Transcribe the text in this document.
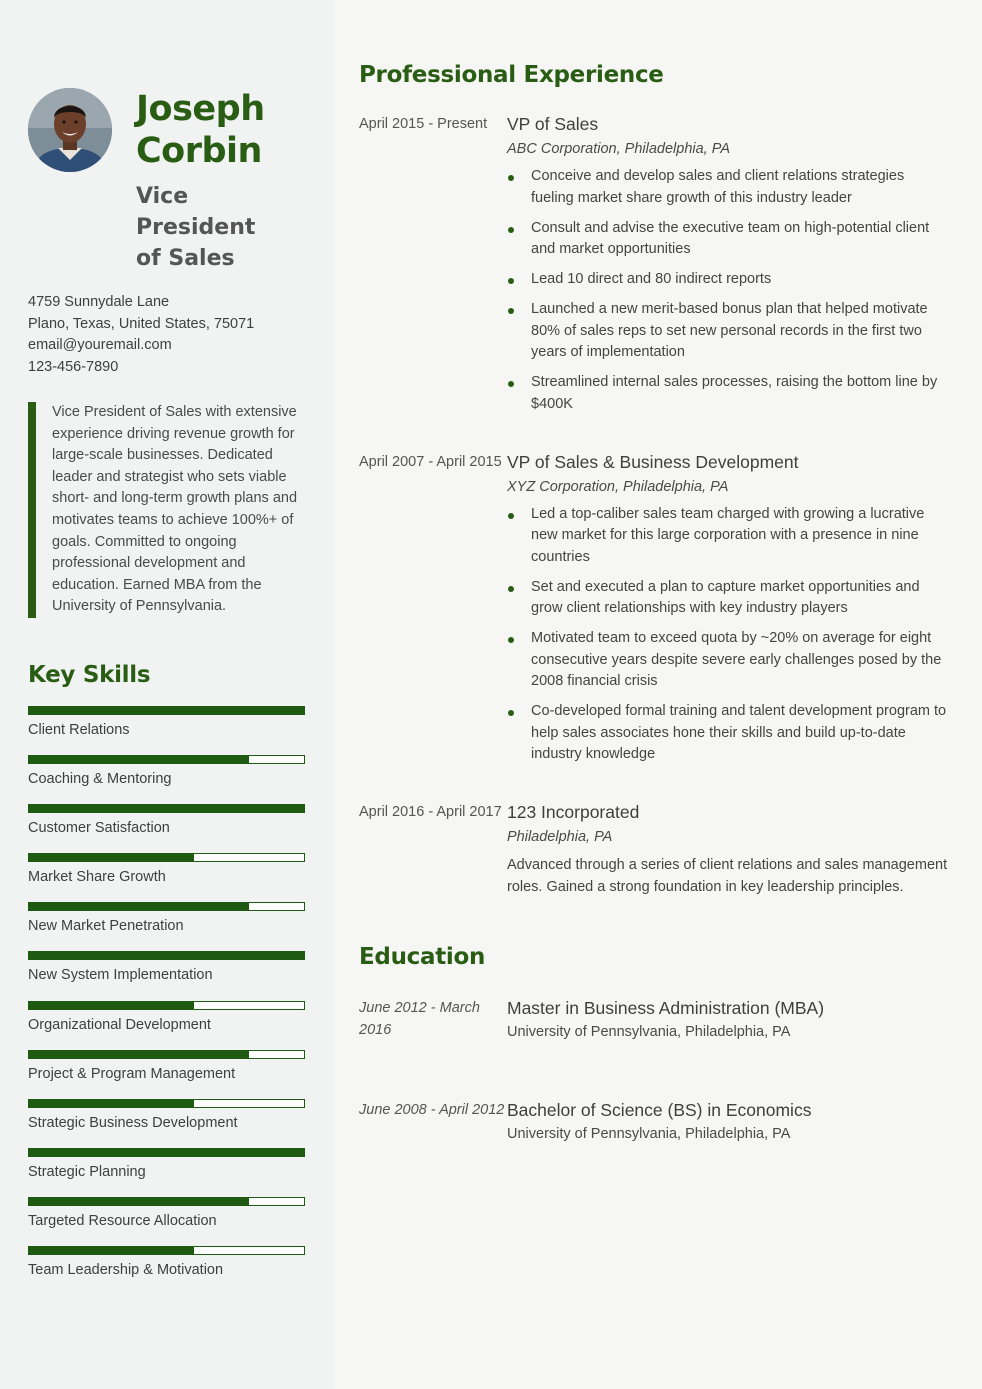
Joseph
Corbin
Vice President
of Sales
4759 Sunnydale Lane
Plano, Texas, United States, 75071
email@youremail.com
123-456-7890
Vice President of Sales with extensive experience driving revenue growth for large-scale businesses. Dedicated leader and strategist who sets viable short- and long-term growth plans and motivates teams to achieve 100%+ of goals. Committed to ongoing professional development and education. Earned MBA from the University of Pennsylvania.
Key Skills
Client Relations
Coaching & Mentoring
Customer Satisfaction
Market Share Growth
New Market Penetration
New System Implementation
Organizational Development
Project & Program Management
Strategic Business Development
Strategic Planning
Targeted Resource Allocation
Team Leadership & Motivation
Professional Experience
April 2015 - Present	VP of Sales
ABC Corporation, Philadelphia, PA
Conceive and develop sales and client relations strategies fueling market share growth of this industry leader
Consult and advise the executive team on high-potential client and market opportunities
Lead 10 direct and 80 indirect reports
Launched a new merit-based bonus plan that helped motivate 80% of sales reps to set new personal records in the first two years of implementation
Streamlined internal sales processes, raising the bottom line by $400K
April 2007 - April 2015 VP of Sales & Business Development
XYZ Corporation, Philadelphia, PA
Led a top-caliber sales team charged with growing a lucrative new market for this large corporation with a presence in nine countries
Set and executed a plan to capture market opportunities and grow client relationships with key industry players
Motivated team to exceed quota by ~20% on average for eight consecutive years despite severe early challenges posed by the 2008 financial crisis
Co-developed formal training and talent development program to help sales associates hone their skills and build up-to-date industry knowledge
April 2016 - April 2017 123 Incorporated
Philadelphia, PA
Advanced through a series of client relations and sales management roles. Gained a strong foundation in key leadership principles.
Education
June 2012 - March 2016
Master in Business Administration (MBA)
University of Pennsylvania, Philadelphia, PA
June 2008 - April 2012 Bachelor of Science (BS) in Economics
University of Pennsylvania, Philadelphia, PA
